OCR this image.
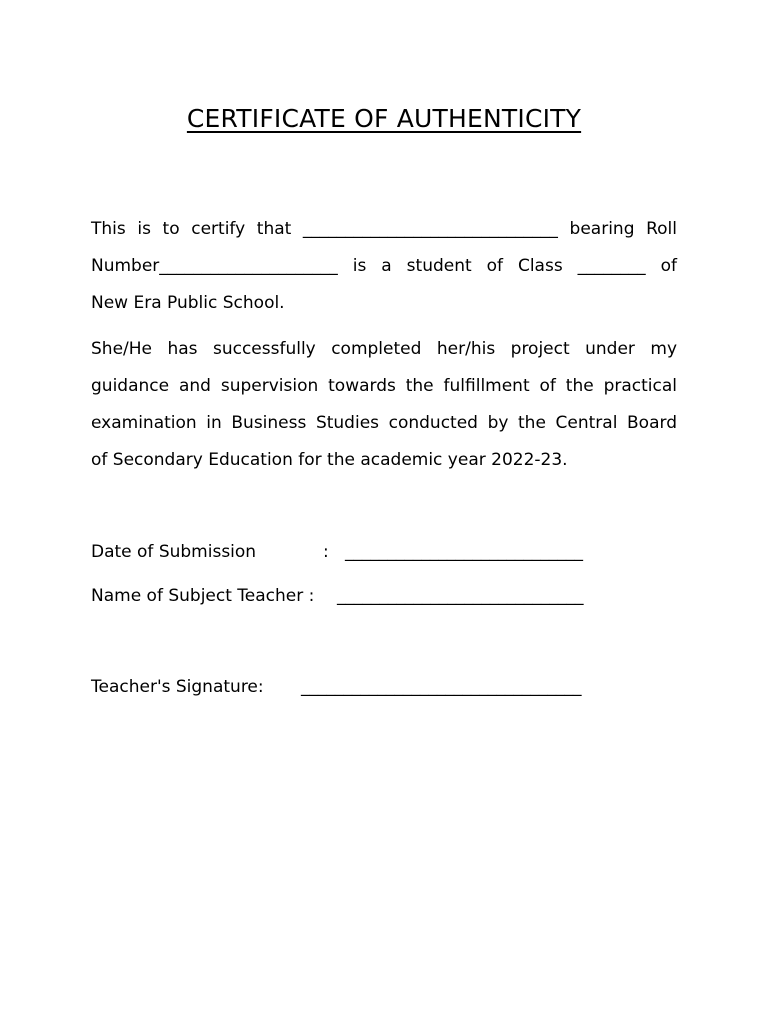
CERTIFICATE OF AUTHENTICITY
This is to certify that ______________________________ bearing Roll
Number_____________________ is a student of Class ________ of
New Era Public School.
She/He has successfully completed her/his project under my
guidance and supervision towards the fulfillment of the practical
examination in Business Studies conducted by the Central Board
of Secondary Education for the academic year 2022-23.
Date of Submission	: ____________________________
Name of Subject Teacher : _____________________________
Teacher's Signature: _________________________________
